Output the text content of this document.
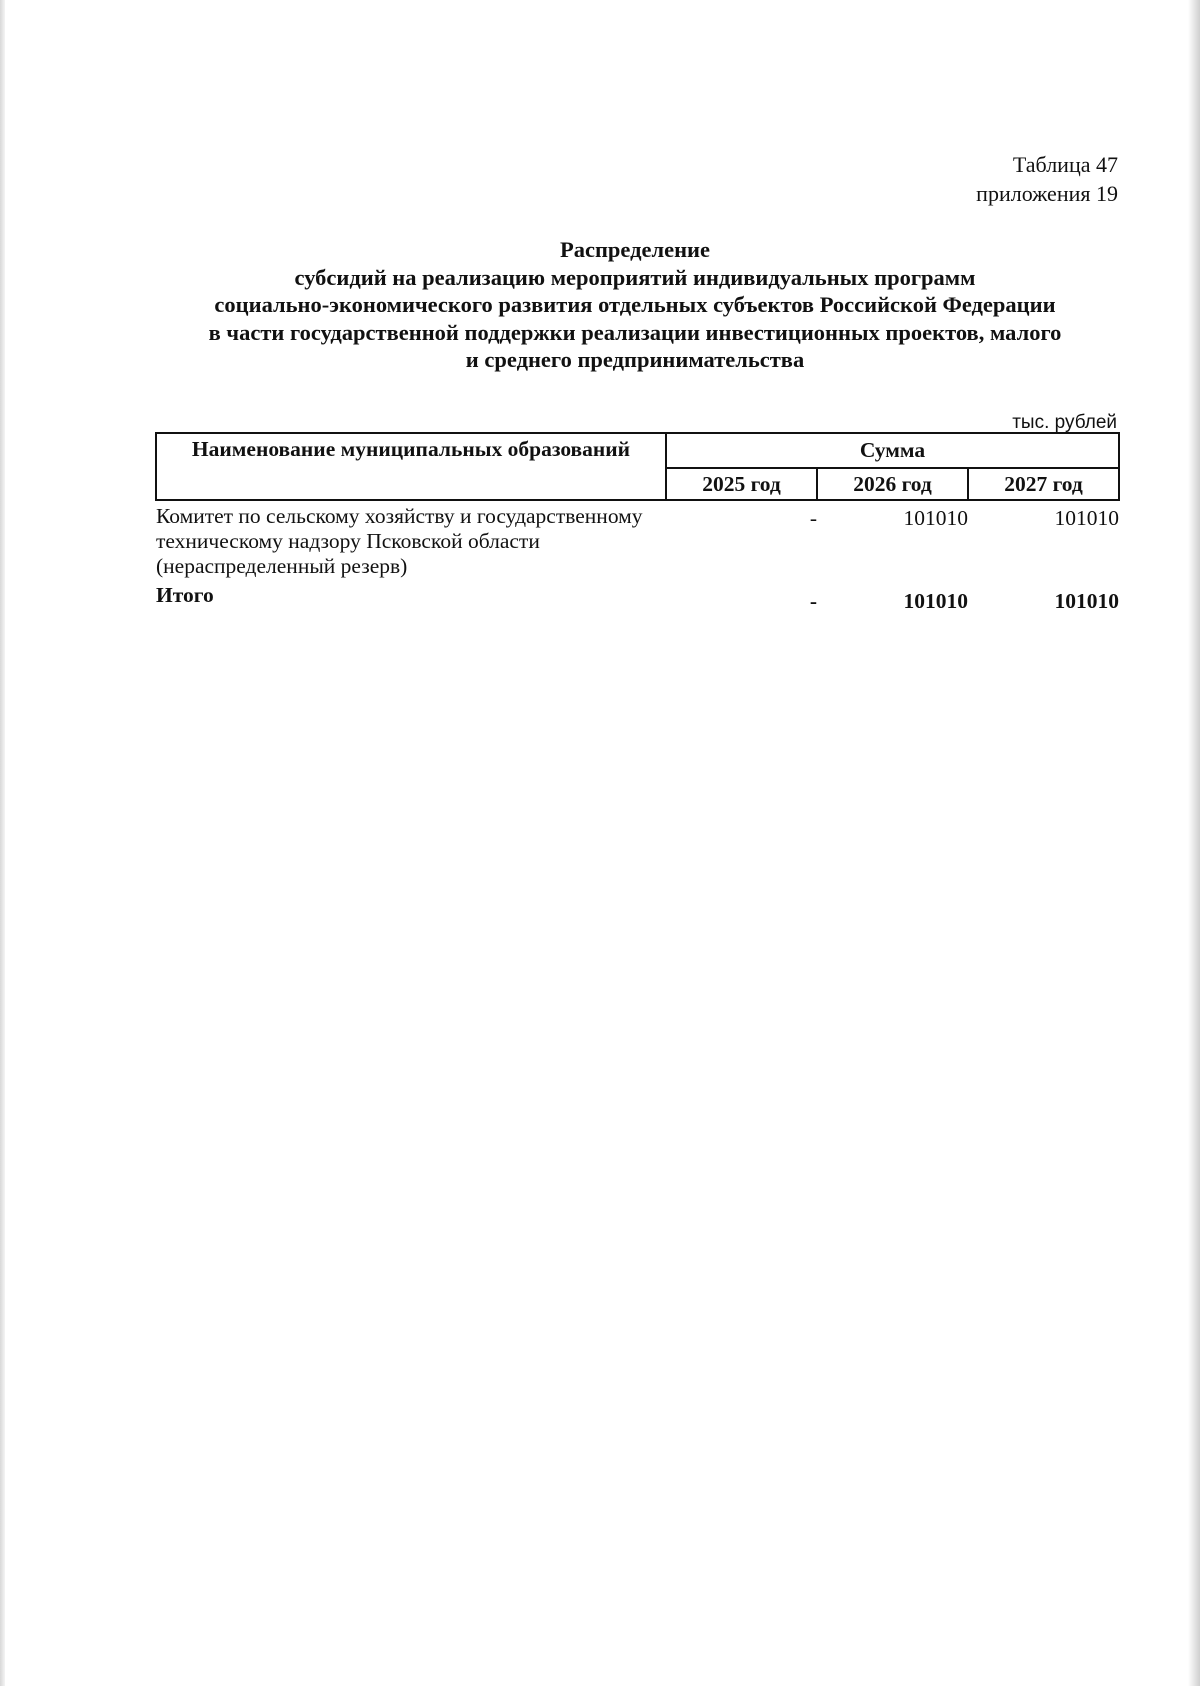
Таблица 47
приложения 19
Распределение
субсидий на реализацию мероприятий индивидуальных программ
социально-экономического развития отдельных субъектов Российской Федерации
в части государственной поддержки реализации инвестиционных проектов, малого
и среднего предпринимательства
тыс. рублей
Наименование муниципальных образований	Сумма		
	2025 год	2026 год	2027 год

Комитет по сельскому хозяйству и государственному
техническому надзору Псковской области
(нераспределенный резерв)	-	101010	101010
Итого	-	101010	101010
